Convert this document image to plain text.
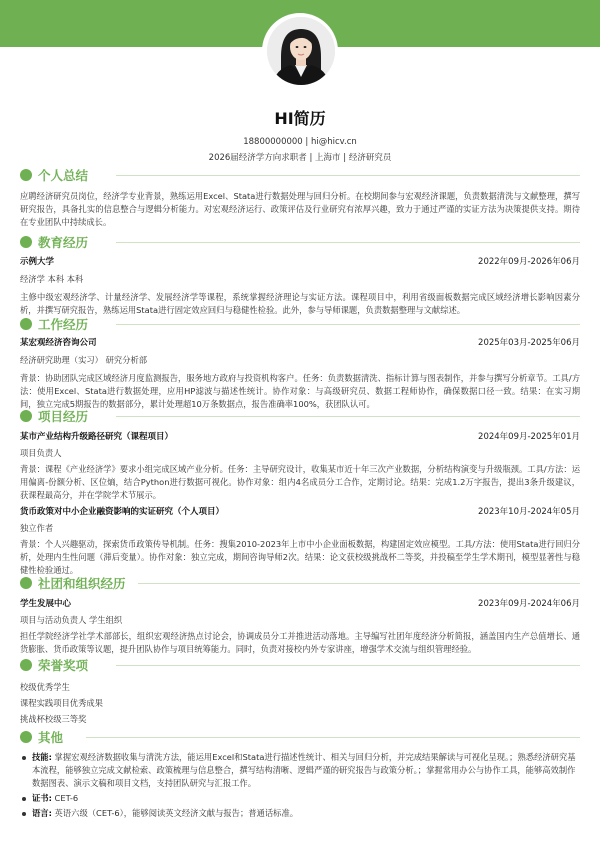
HI简历
18800000000 | hi@hicv.cn
2026届经济学方向求职者 | 上海市 | 经济研究员
个人总结
应聘经济研究员岗位，经济学专业背景，熟练运用Excel、Stata进行数据处理与回归分析。在校期间参与宏观经济课题，负责数据清洗与文献整理，撰写研究报告，具备扎实的信息整合与逻辑分析能力。对宏观经济运行、政策评估及行业研究有浓厚兴趣，致力于通过严谨的实证方法为决策提供支持。期待在专业团队中持续成长。
教育经历
示例大学	2022年09月-2026年06月
经济学 本科 本科
主修中级宏观经济学、计量经济学、发展经济学等课程，系统掌握经济理论与实证方法。课程项目中，利用省级面板数据完成区域经济增长影响因素分析，并撰写研究报告，熟练运用Stata进行固定效应回归与稳健性检验。此外，参与导师课题，负责数据整理与文献综述。
工作经历
某宏观经济咨询公司	2025年03月-2025年06月
经济研究助理（实习） 研究分析部
背景：协助团队完成区域经济月度监测报告，服务地方政府与投资机构客户。任务：负责数据清洗、指标计算与图表制作，并参与撰写分析章节。工具/方法：使用Excel、Stata进行数据处理，应用HP滤波与描述性统计。协作对象：与高级研究员、数据工程师协作，确保数据口径一致。结果：在实习期间，独立完成5期报告的数据部分，累计处理超10万条数据点，报告准确率100%，获团队认可。
项目经历
某市产业结构升级路径研究（课程项目）	2024年09月-2025年01月
项目负责人
背景：课程《产业经济学》要求小组完成区域产业分析。任务：主导研究设计，收集某市近十年三次产业数据，分析结构演变与升级瓶颈。工具/方法：运用偏离-份额分析、区位熵，结合Python进行数据可视化。协作对象：组内4名成员分工合作，定期讨论。结果：完成1.2万字报告，提出3条升级建议，获课程最高分，并在学院学术节展示。
货币政策对中小企业融资影响的实证研究（个人项目）	2023年10月-2024年05月
独立作者
背景：个人兴趣驱动，探索货币政策传导机制。任务：搜集2010-2023年上市中小企业面板数据，构建固定效应模型。工具/方法：使用Stata进行回归分析，处理内生性问题（滞后变量）。协作对象：独立完成，期间咨询导师2次。结果：论文获校级挑战杯二等奖，并投稿至学生学术期刊，模型显著性与稳健性检验通过。
社团和组织经历
学生发展中心	2023年09月-2024年06月
项目与活动负责人 学生组织
担任学院经济学社学术部部长，组织宏观经济热点讨论会，协调成员分工并推进活动落地。主导编写社团年度经济分析简报，涵盖国内生产总值增长、通货膨胀、货币政策等议题，提升团队协作与项目统筹能力。同时，负责对接校内外专家讲座，增强学术交流与组织管理经验。
荣誉奖项
校级优秀学生
课程实践项目优秀成果
挑战杯校级三等奖
其他
技能: 掌握宏观经济数据收集与清洗方法，能运用Excel和Stata进行描述性统计、相关与回归分析，并完成结果解读与可视化呈现。；熟悉经济研究基本流程，能够独立完成文献检索、政策梳理与信息整合，撰写结构清晰、逻辑严谨的研究报告与政策分析。；掌握常用办公与协作工具，能够高效制作数据图表、演示文稿和项目文档，支持团队研究与汇报工作。
证书: CET-6
语言: 英语六级（CET-6），能够阅读英文经济文献与报告；普通话标准。
